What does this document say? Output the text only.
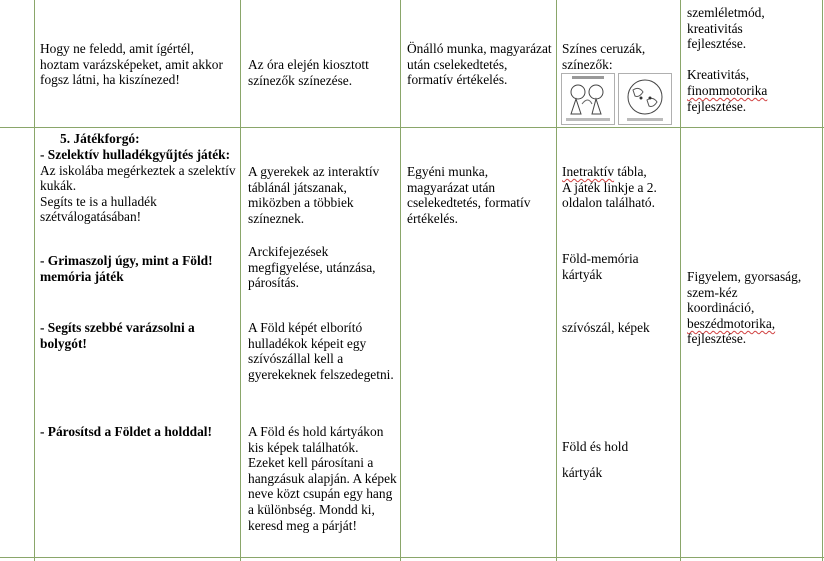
Hogy ne feledd, amit ígértél, hoztam varázsképeket, amit akkor fogsz látni, ha kiszínezed!
Az óra elején kiosztott színezők színezése.
Önálló munka, magyarázat után cselekedtetés, formatív értékelés.
Színes ceruzák,
színezők:
szemléletmód,
kreativitás
fejlesztése.
Kreativitás,
finommotorika
fejlesztése.
5. Játékforgó:
- Szelektív hulladékgyűjtés játék:
Az iskolába megérkeztek a szelektív kukák.
Segíts te is a hulladék szétválogatásában!
- Grimaszolj úgy, mint a Föld! memória játék
- Segíts szebbé varázsolni a bolygót!
- Párosítsd a Földet a holddal!
A gyerekek az interaktív táblánál játszanak, miközben a többiek színeznek.
Arckifejezések megfigyelése, utánzása, párosítás.
A Föld képét elborító hulladékok képeit egy szívószállal kell a gyerekeknek felszedegetni.
A Föld és hold kártyákon kis képek találhatók. Ezeket kell párosítani a hangzásuk alapján. A képek neve közt csupán egy hang a különbség. Mondd ki, keresd meg a párját!
Egyéni munka, magyarázat után cselekedtetés, formatív értékelés.
Inetraktív tábla,
A játék linkje a 2. oldalon található.
Föld-memória kártyák
szívószál, képek
Föld és hold
kártyák
Figyelem, gyorsaság,
szem-kéz
koordináció,
beszédmotorika,
fejlesztése.
